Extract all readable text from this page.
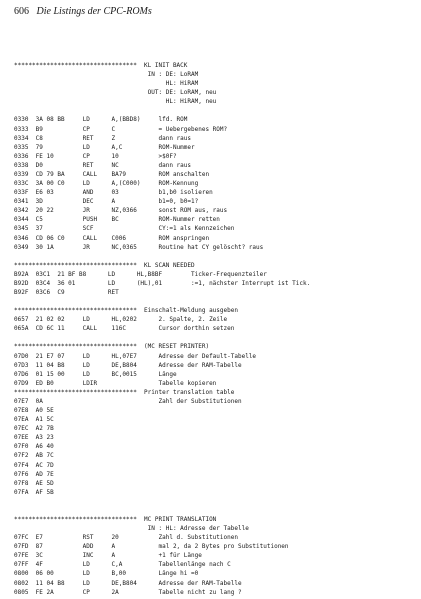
606 Die Listings der CPC-ROMs
**********************************  KL INIT BACK
IN : DE: LoRAM
HL: HiRAM
OUT: DE: LoRAM, neu
HL: HiRAM, neu
0330  3A 08 BB     LD      A,(BBD8)     lfd. ROM
0333  B9           CP      C            = Uebergebenes ROM?
0334  C8           RET     Z            dann raus
0335  79           LD      A,C          ROM-Nummer
0336  FE 10        CP      10           >$0F?
0338  D0           RET     NC           dann raus
0339  CD 79 BA     CALL    BA79         ROM anschalten
033C  3A 00 C0     LD      A,(C000)     ROM-Kennung
033F  E6 03        AND     03           b1,b0 isolieren
0341  3D           DEC     A            b1=0, b0=1?
0342  20 22        JR      NZ,0366      sonst ROM aus, raus
0344  C5           PUSH    BC           ROM-Nummer retten
0345  37           SCF                  CY:=1 als Kennzeichen
0346  CD 06 C0     CALL    C006         ROM anspringen
0349  30 1A        JR      NC,0365      Routine hat CY gelöscht? raus
**********************************  KL SCAN NEEDED
B92A  03C1  21 BF B8      LD      HL,B8BF        Ticker-Frequenzteiler
B92D  03C4  36 01         LD      (HL),01        :=1, nächster Interrupt ist Tick.
B92F  03C6  C9            RET
**********************************  Einschalt-Meldung ausgeben
0657  21 02 02     LD      HL,0202      2. Spalte, 2. Zeile
065A  CD 6C 11     CALL    116C         Cursor dorthin setzen
**********************************  (MC RESET PRINTER)
07D0  21 E7 07     LD      HL,07E7      Adresse der Default-Tabelle
07D3  11 04 B8     LD      DE,B804      Adresse der RAM-Tabelle
07D6  01 15 00     LD      BC,0015      Länge
07D9  ED B0        LDIR                 Tabelle kopieren
**********************************  Printer translation table
07E7  0A                                Zahl der Substitutionen
07E8  A0 5E
07EA  A1 5C
07EC  A2 7B
07EE  A3 23
07F0  A6 40
07F2  AB 7C
07F4  AC 7D
07F6  AD 7E
07F8  AE 5D
07FA  AF 5B
**********************************  MC PRINT TRANSLATION
IN : HL: Adresse der Tabelle
07FC  E7           RST     20           Zahl d. Substitutionen
07FD  87           ADD     A            mal 2, da 2 Bytes pro Substitutionen
07FE  3C           INC     A            +1 für Länge
07FF  4F           LD      C,A          Tabellenlänge nach C
0800  06 00        LD      B,00         Länge hi =0
0802  11 04 B8     LD      DE,B804      Adresse der RAM-Tabelle
0805  FE 2A        CP      2A           Tabelle nicht zu lang ?
